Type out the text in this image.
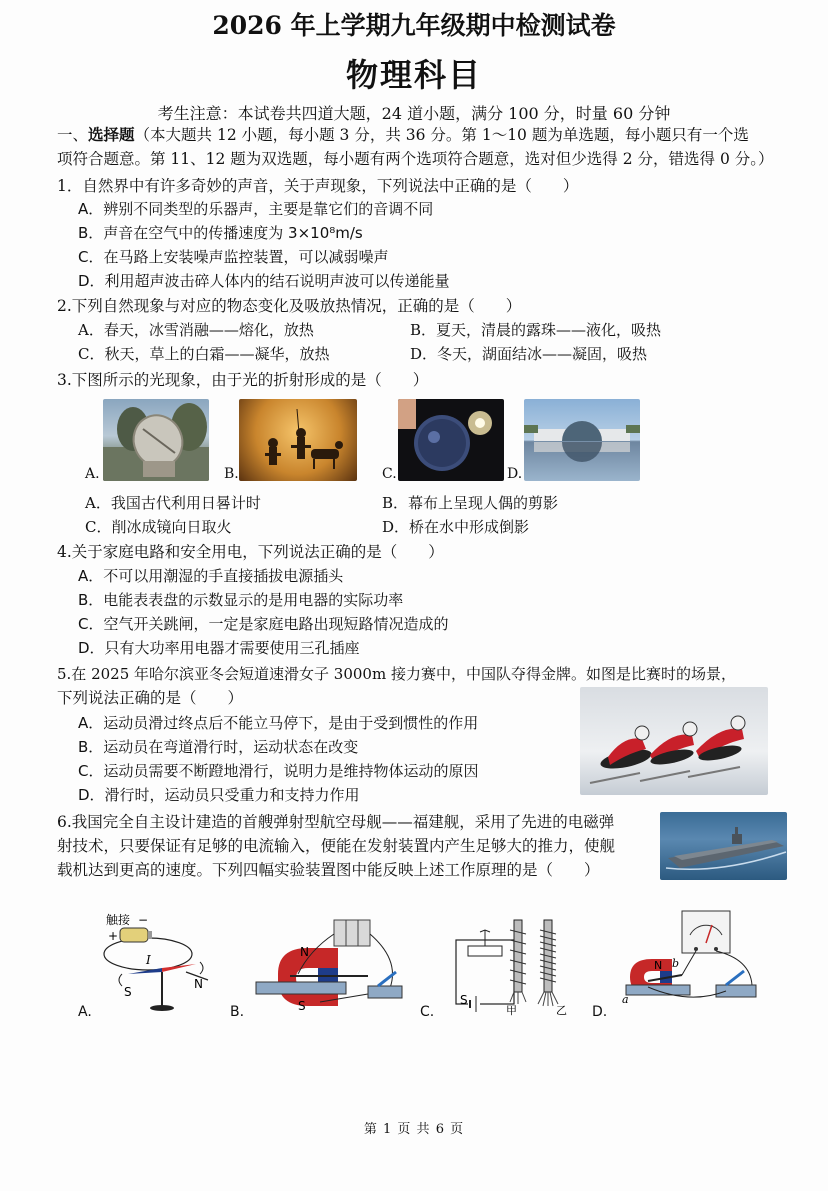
2026 年上学期九年级期中检测试卷
物理科目
考生注意：本试卷共四道大题，24 道小题，满分 100 分，时量 60 分钟
一、选择题（本大题共 12 小题，每小题 3 分，共 36 分。第 1～10 题为单选题，每小题只有一个选
项符合题意。第 11、12 题为双选题，每小题有两个选项符合题意，选对但少选得 2 分，错选得 0 分。）
1．自然界中有许多奇妙的声音，关于声现象，下列说法中正确的是（　　）
A．辨别不同类型的乐器声，主要是靠它们的音调不同
B．声音在空气中的传播速度为 3×10⁸m/s
C．在马路上安装噪声监控装置，可以减弱噪声
D．利用超声波击碎人体内的结石说明声波可以传递能量
2.下列自然现象与对应的物态变化及吸放热情况，正确的是（　　）
A．春天，冰雪消融——熔化，放热	B．夏天，清晨的露珠——液化，吸热
C．秋天，草上的白霜——凝华，放热	D．冬天，湖面结冰——凝固，吸热
3.下图所示的光现象，由于光的折射形成的是（　　）
A.	B.	C.	D.
A．我国古代利用日晷计时	B．幕布上呈现人偶的剪影
C．削冰成镜向日取火	D．桥在水中形成倒影
4.关于家庭电路和安全用电，下列说法正确的是（　　）
A．不可以用潮湿的手直接插拔电源插头
B．电能表表盘的示数显示的是用电器的实际功率
C．空气开关跳闸，一定是家庭电路出现短路情况造成的
D．只有大功率用电器才需要使用三孔插座
5.在 2025 年哈尔滨亚冬会短道速滑女子 3000m 接力赛中，中国队夺得金牌。如图是比赛时的场景，
下列说法正确的是（　　）
A．运动员滑过终点后不能立马停下，是由于受到惯性的作用
B．运动员在弯道滑行时，运动状态在改变
C．运动员需要不断蹬地滑行，说明力是维持物体运动的原因
D．滑行时，运动员只受重力和支持力作用
6.我国完全自主设计建造的首艘弹射型航空母舰——福建舰，采用了先进的电磁弹
射技术，只要保证有足够的电流输入，便能在发射装置内产生足够大的推力，使舰
载机达到更高的速度。下列四幅实验装置图中能反映上述工作原理的是（　　）
触接 −
+
I
S
N
N
S	S
甲	乙
N
a
b
A.	B.	C.	D.
第 1 页 共 6 页
